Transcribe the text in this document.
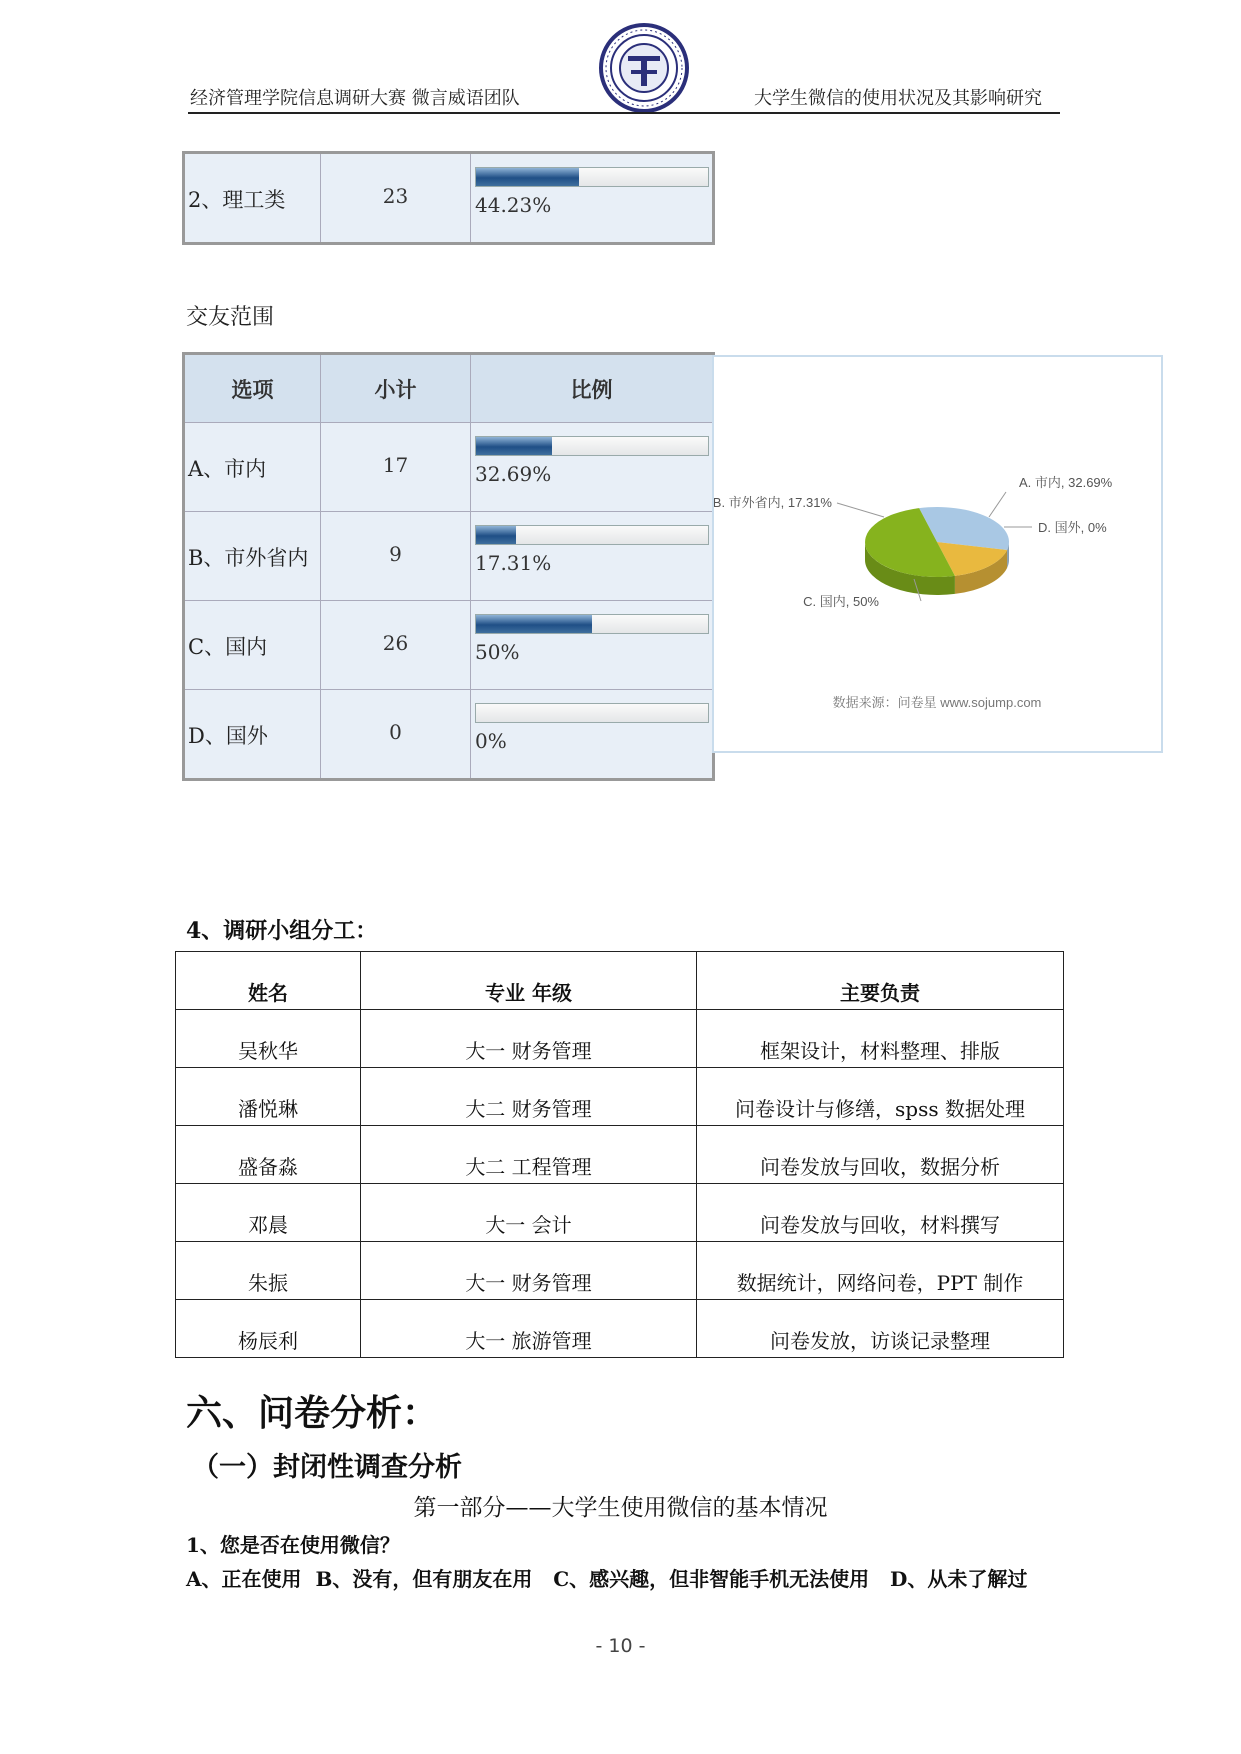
经济管理学院信息调研大赛 微言威语团队	大学生微信的使用状况及其影响研究
2、理工类	23	44.23%
交友范围
选项	小计	比例

A、市内	17	32.69%

B、市外省内	9	17.31%

C、国内	26	50%

D、国外	0	0%
A. 市内, 32.69%
B. 市外省内, 17.31%
C. 国内, 50%
D. 国外, 0%
数据来源：问卷星 www.sojump.com
4、调研小组分工：
姓名	专业 年级	主要负责
吴秋华	大一 财务管理	框架设计，材料整理、排版
潘悦琳	大二 财务管理	问卷设计与修缮，spss 数据处理
盛备淼	大二 工程管理	问卷发放与回收，数据分析
邓晨	大一 会计	问卷发放与回收，材料撰写
朱振	大一 财务管理	数据统计，网络问卷，PPT 制作
杨辰利	大一 旅游管理	问卷发放，访谈记录整理
六、问卷分析：
（一）封闭性调查分析
第一部分——大学生使用微信的基本情况
1、您是否在使用微信？
A、正在使用  B、没有，但有朋友在用   C、感兴趣，但非智能手机无法使用   D、从未了解过
- 10 -
